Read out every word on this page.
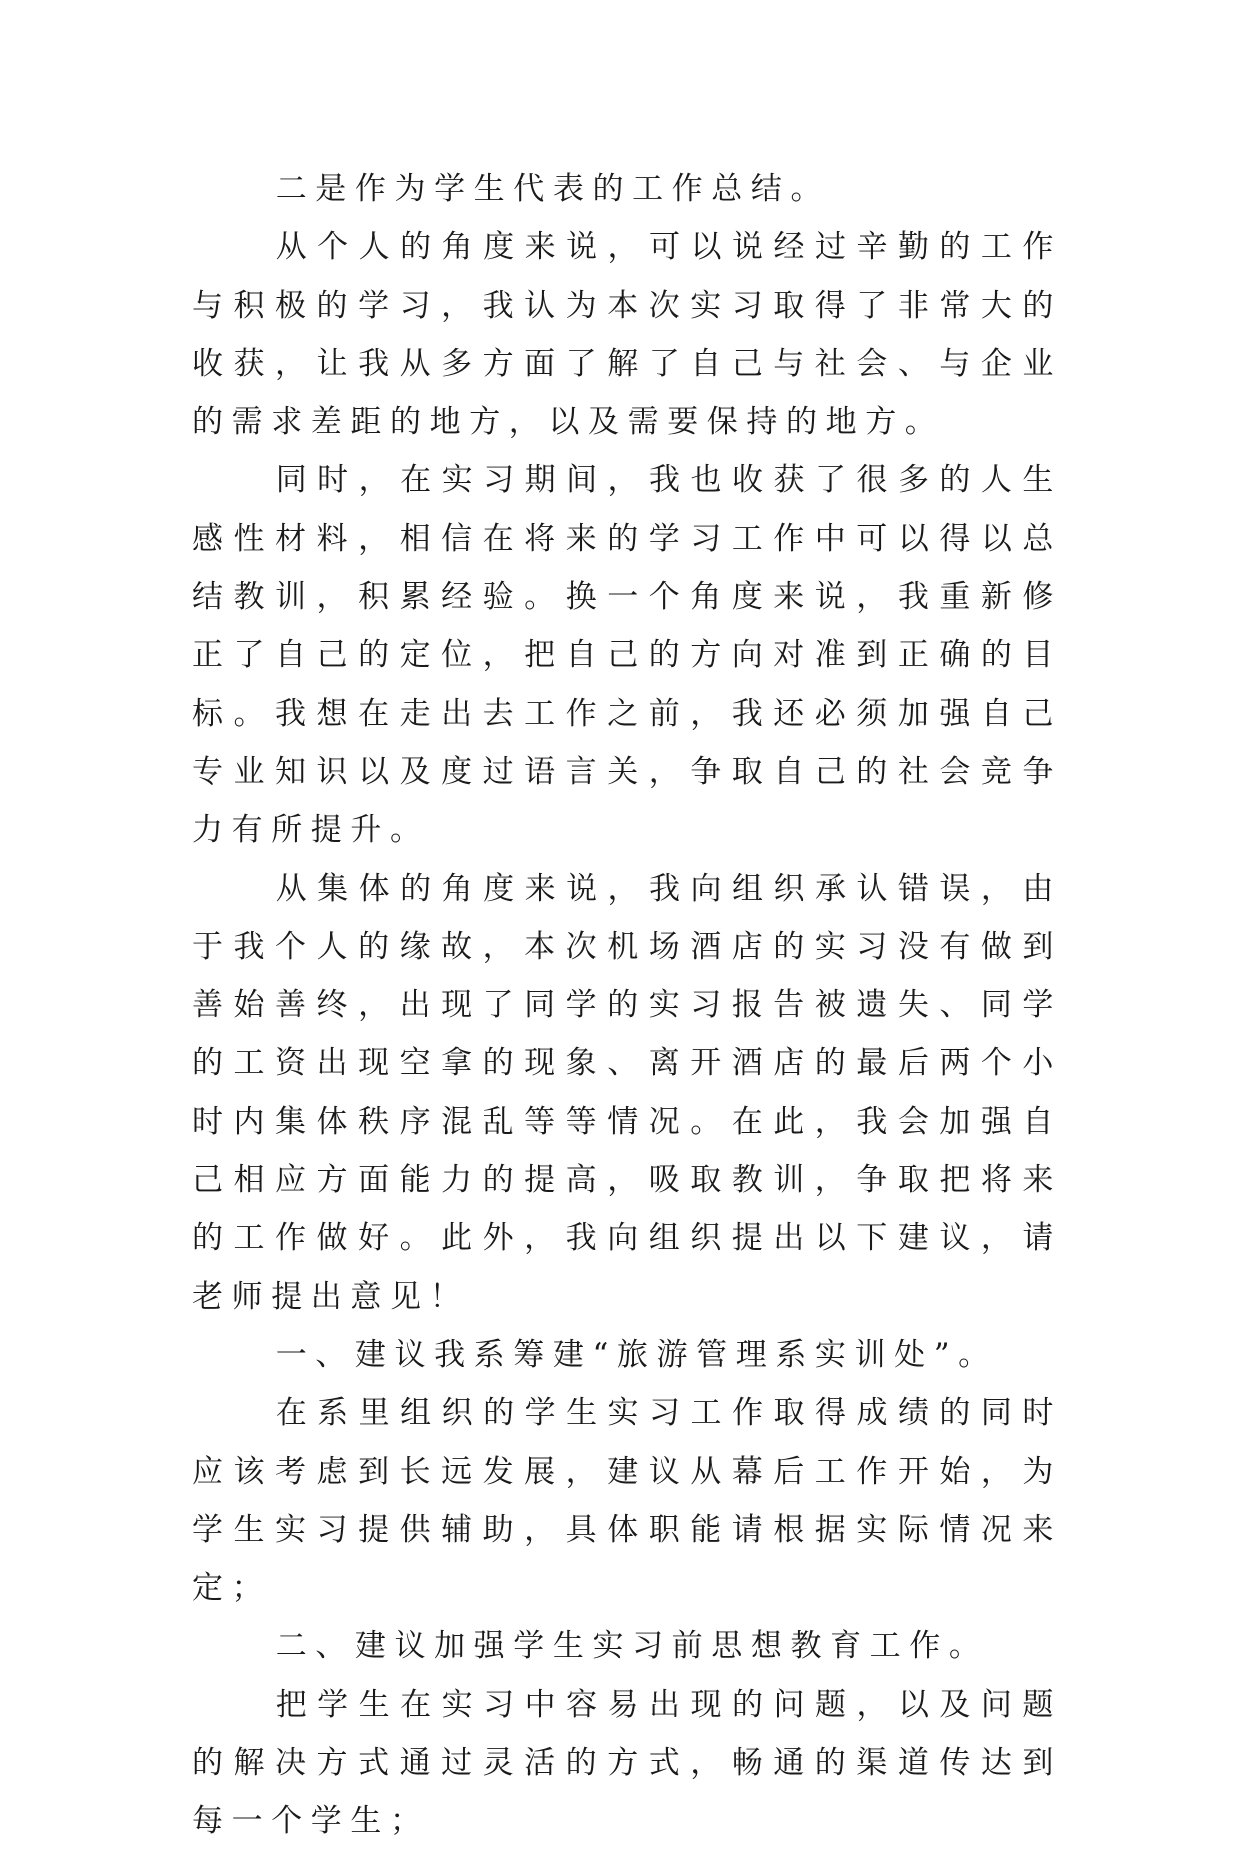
二是作为学生代表的工作总结。

从个人的角度来说，可以说经过辛勤的工作与积极的学习，我认为本次实习取得了非常大的收获，让我从多方面了解了自己与社会、与企业的需求差距的地方，以及需要保持的地方。

同时，在实习期间，我也收获了很多的人生感性材料，相信在将来的学习工作中可以得以总结教训，积累经验。换一个角度来说，我重新修正了自己的定位，把自己的方向对准到正确的目标。我想在走出去工作之前，我还必须加强自己专业知识以及度过语言关，争取自己的社会竞争力有所提升。

从集体的角度来说，我向组织承认错误，由于我个人的缘故，本次机场酒店的实习没有做到善始善终，出现了同学的实习报告被遗失、同学的工资出现空拿的现象、离开酒店的最后两个小时内集体秩序混乱等等情况。在此，我会加强自己相应方面能力的提高，吸取教训，争取把将来的工作做好。此外，我向组织提出以下建议，请老师提出意见！

一、建议我系筹建“旅游管理系实训处”。

在系里组织的学生实习工作取得成绩的同时应该考虑到长远发展，建议从幕后工作开始，为学生实习提供辅助，具体职能请根据实际情况来定；

二、建议加强学生实习前思想教育工作。

把学生在实习中容易出现的问题，以及问题的解决方式通过灵活的方式，畅通的渠道传达到每一个学生；
